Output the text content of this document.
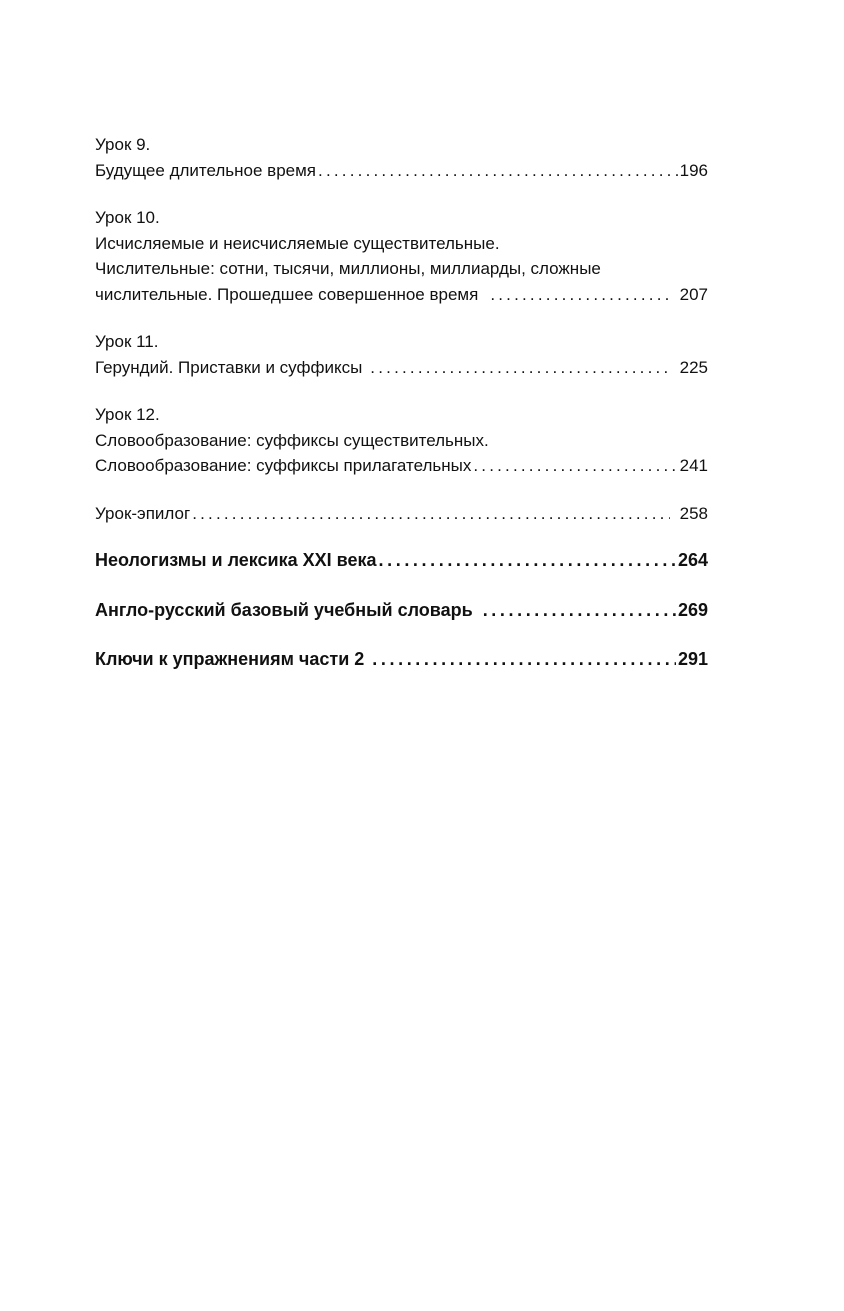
Урок 9.
Будущее длительное время .....	196
Урок 10.
Исчисляемые и неисчисляемые существительные.
Числительные: сотни, тысячи, миллионы, миллиарды, сложные
числительные. Прошедшее совершенное время .....	207
Урок 11.
Герундий. Приставки и суффиксы .....	225
Урок 12.
Словообразование: суффиксы существительных.
Словообразование: суффиксы прилагательных .....	241
Урок-эпилог .....	258
Неологизмы и лексика XXI века .....	264
Англо-русский базовый учебный словарь .....	269
Ключи к упражнениям части 2 .....	291
